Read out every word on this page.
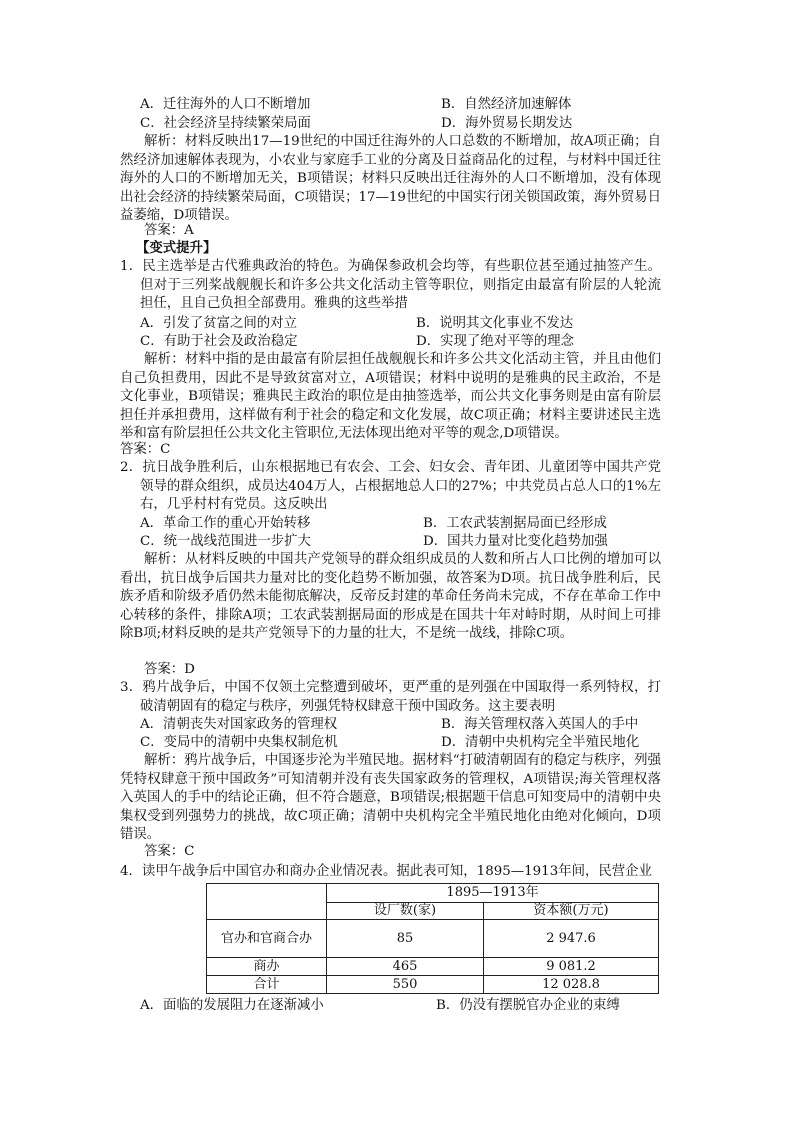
A．迁往海外的人口不断增加	B．自然经济加速解体
C．社会经济呈持续繁荣局面	D．海外贸易长期发达
解析：材料反映出17—19世纪的中国迁往海外的人口总数的不断增加，故A项正确；自然经济加速解体表现为，小农业与家庭手工业的分离及日益商品化的过程，与材料中国迁往海外的人口的不断增加无关，B项错误；材料只反映出迁往海外的人口不断增加，没有体现出社会经济的持续繁荣局面，C项错误；17—19世纪的中国实行闭关锁国政策，海外贸易日益萎缩，D项错误。
答案：A
【变式提升】
1．民主选举是古代雅典政治的特色。为确保参政机会均等，有些职位甚至通过抽签产生。但对于三列桨战舰舰长和许多公共文化活动主管等职位，则指定由最富有阶层的人轮流担任，且自己负担全部费用。雅典的这些举措
A．引发了贫富之间的对立	B．说明其文化事业不发达
C．有助于社会及政治稳定	D．实现了绝对平等的理念
解析：材料中指的是由最富有阶层担任战舰舰长和许多公共文化活动主管，并且由他们自己负担费用，因此不是导致贫富对立，A项错误；材料中说明的是雅典的民主政治，不是文化事业，B项错误；雅典民主政治的职位是由抽签选举，而公共文化事务则是由富有阶层担任并承担费用，这样做有利于社会的稳定和文化发展，故C项正确；材料主要讲述民主选举和富有阶层担任公共文化主管职位,无法体现出绝对平等的观念,D项错误。
答案：C
2．抗日战争胜利后，山东根据地已有农会、工会、妇女会、青年团、儿童团等中国共产党领导的群众组织，成员达404万人，占根据地总人口的27%；中共党员占总人口的1%左右，几乎村村有党员。这反映出
A．革命工作的重心开始转移	B．工农武装割据局面已经形成
C．统一战线范围进一步扩大	D．国共力量对比变化趋势加强
解析：从材料反映的中国共产党领导的群众组织成员的人数和所占人口比例的增加可以看出，抗日战争后国共力量对比的变化趋势不断加强，故答案为D项。抗日战争胜利后，民族矛盾和阶级矛盾仍然未能彻底解决，反帝反封建的革命任务尚未完成，不存在革命工作中心转移的条件，排除A项；工农武装割据局面的形成是在国共十年对峙时期，从时间上可排除B项;材料反映的是共产党领导下的力量的壮大，不是统一战线，排除C项。
答案：D
3．鸦片战争后，中国不仅领土完整遭到破坏，更严重的是列强在中国取得一系列特权，打破清朝固有的稳定与秩序，列强凭特权肆意干预中国政务。这主要表明
A．清朝丧失对国家政务的管理权	B．海关管理权落入英国人的手中
C．变局中的清朝中央集权制危机	D．清朝中央机构完全半殖民地化
解析：鸦片战争后，中国逐步沦为半殖民地。据材料“打破清朝固有的稳定与秩序，列强凭特权肆意干预中国政务”可知清朝并没有丧失国家政务的管理权，A项错误;海关管理权落入英国人的手中的结论正确，但不符合题意，B项错误;根据题干信息可知变局中的清朝中央集权受到列强势力的挑战，故C项正确；清朝中央机构完全半殖民地化由绝对化倾向，D项错误。
答案：C
4．读甲午战争后中国官办和商办企业情况表。据此表可知，1895—1913年间，民营企业
	1895—1913年	
	设厂数(家)	资本额(万元)
官办和官商合办	85	2 947.6
商办	465	9 081.2
合计	550	12 028.8
A．面临的发展阻力在逐渐减小	B．仍没有摆脱官办企业的束缚
